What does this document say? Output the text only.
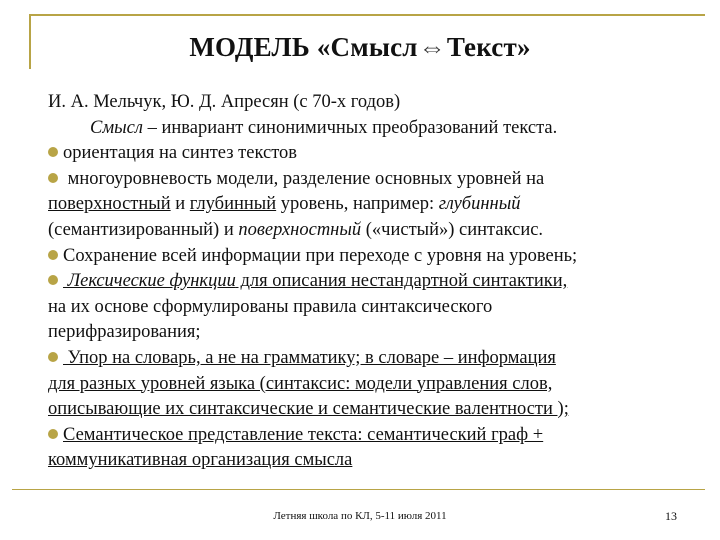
МОДЕЛЬ «Смысл⇔Текст»
И. А. Мельчук, Ю. Д. Апресян (с 70-х годов)
Смысл – инвариант синонимичных преобразований текста.
ориентация на синтез текстов
многоуровневость модели, разделение основных уровней на
поверхностный и глубинный уровень, например: глубинный
(семантизированный) и поверхностный («чистый») синтаксис.
Сохранение всей информации при переходе с уровня на уровень;
Лексические функции для описания нестандартной синтактики,
на их основе сформулированы правила синтаксического
перифразирования;
Упор на словарь, а не на грамматику; в словаре – информация
для разных уровней языка (синтаксис: модели управления слов,
описывающие их синтаксические и семантические валентности );
Семантическое представление текста: семантический граф +
коммуникативная организация смысла
Летняя школа по КЛ, 5-11 июля 2011	13
